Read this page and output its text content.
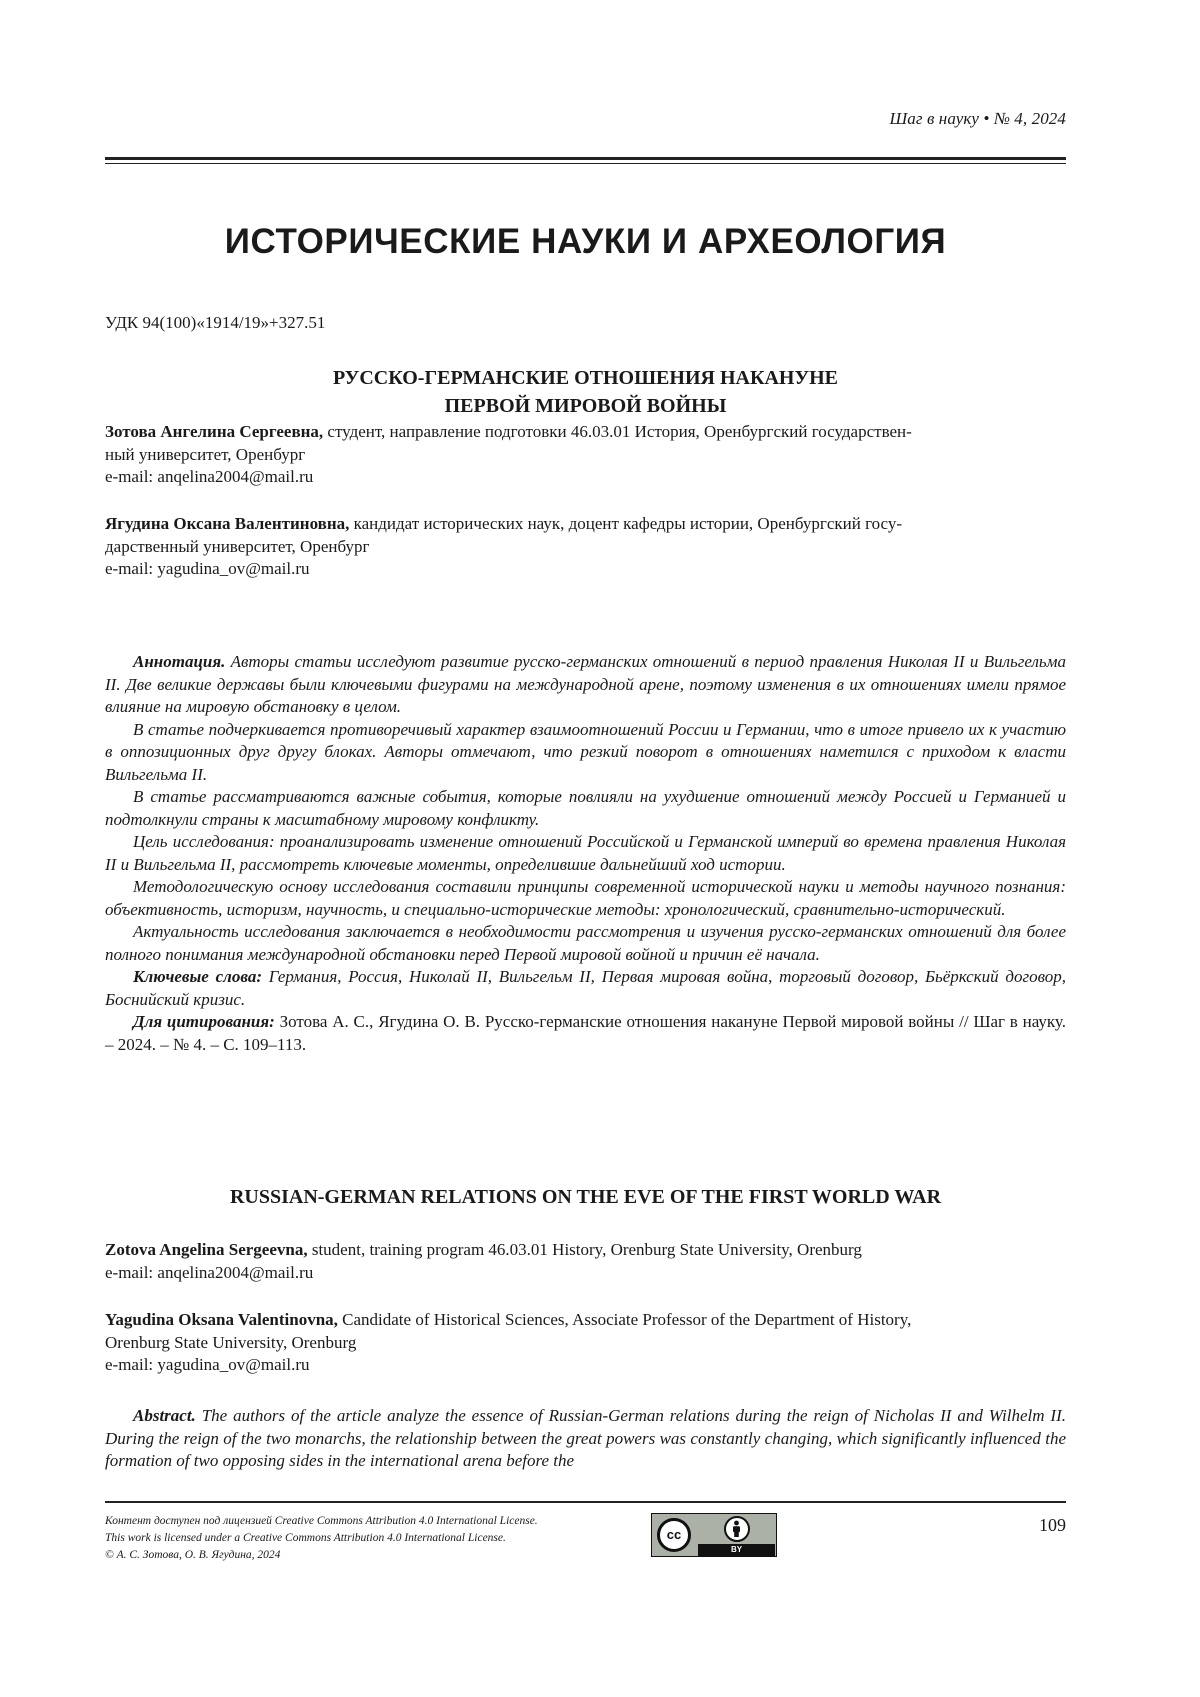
Шаг в науку • № 4, 2024
ИСТОРИЧЕСКИЕ НАУКИ И АРХЕОЛОГИЯ
УДК 94(100)«1914/19»+327.51
РУССКО-ГЕРМАНСКИЕ ОТНОШЕНИЯ НАКАНУНЕ
ПЕРВОЙ МИРОВОЙ ВОЙНЫ
Зотова Ангелина Сергеевна, студент, направление подготовки 46.03.01 История, Оренбургский государствен-
ный университет, Оренбург
e-mail: anqelina2004@mail.ru
Ягудина Оксана Валентиновна, кандидат исторических наук, доцент кафедры истории, Оренбургский госу-
дарственный университет, Оренбург
e-mail: yagudina_ov@mail.ru

Аннотация. Авторы статьи исследуют развитие русско-германских отношений в период правления Николая II и Вильгельма II. Две великие державы были ключевыми фигурами на международной арене, поэтому изменения в их отношениях имели прямое влияние на мировую обстановку в целом.

В статье подчеркивается противоречивый характер взаимоотношений России и Германии, что в итоге привело их к участию в оппозиционных друг другу блоках. Авторы отмечают, что резкий поворот в отношениях наметился с приходом к власти Вильгельма II.

В статье рассматриваются важные события, которые повлияли на ухудшение отношений между Россией и Германией и подтолкнули страны к масштабному мировому конфликту.

Цель исследования: проанализировать изменение отношений Российской и Германской империй во времена правления Николая II и Вильгельма II, рассмотреть ключевые моменты, определившие дальнейший ход истории.

Методологическую основу исследования составили принципы современной исторической науки и методы научного познания: объективность, историзм, научность, и специально-исторические методы: хронологический, сравнительно-исторический.

Актуальность исследования заключается в необходимости рассмотрения и изучения русско-германских отношений для более полного понимания международной обстановки перед Первой мировой войной и причин её начала.

Ключевые слова: Германия, Россия, Николай II, Вильгельм II, Первая мировая война, торговый договор, Бьёркский договор, Боснийский кризис.

Для цитирования: Зотова А. С., Ягудина О. В. Русско-германские отношения накануне Первой мировой войны // Шаг в науку. – 2024. – № 4. – С. 109–113.

RUSSIAN-GERMAN RELATIONS ON THE EVE OF THE FIRST WORLD WAR
Zotova Angelina Sergeevna, student, training program 46.03.01 History, Orenburg State University, Orenburg
e-mail: anqelina2004@mail.ru
Yagudina Oksana Valentinovna, Candidate of Historical Sciences, Associate Professor of the Department of History,
Orenburg State University, Orenburg
e-mail: yagudina_ov@mail.ru

Abstract. The authors of the article analyze the essence of Russian-German relations during the reign of Nicholas II and Wilhelm II. During the reign of the two monarchs, the relationship between the great powers was constantly changing, which significantly influenced the formation of two opposing sides in the international arena before the

Контент доступен под лицензией Creative Commons Attribution 4.0 International License.
This work is licensed under a Creative Commons Attribution 4.0 International License.
© А. С. Зотова, О. В. Ягудина, 2024
cc
BY
109
